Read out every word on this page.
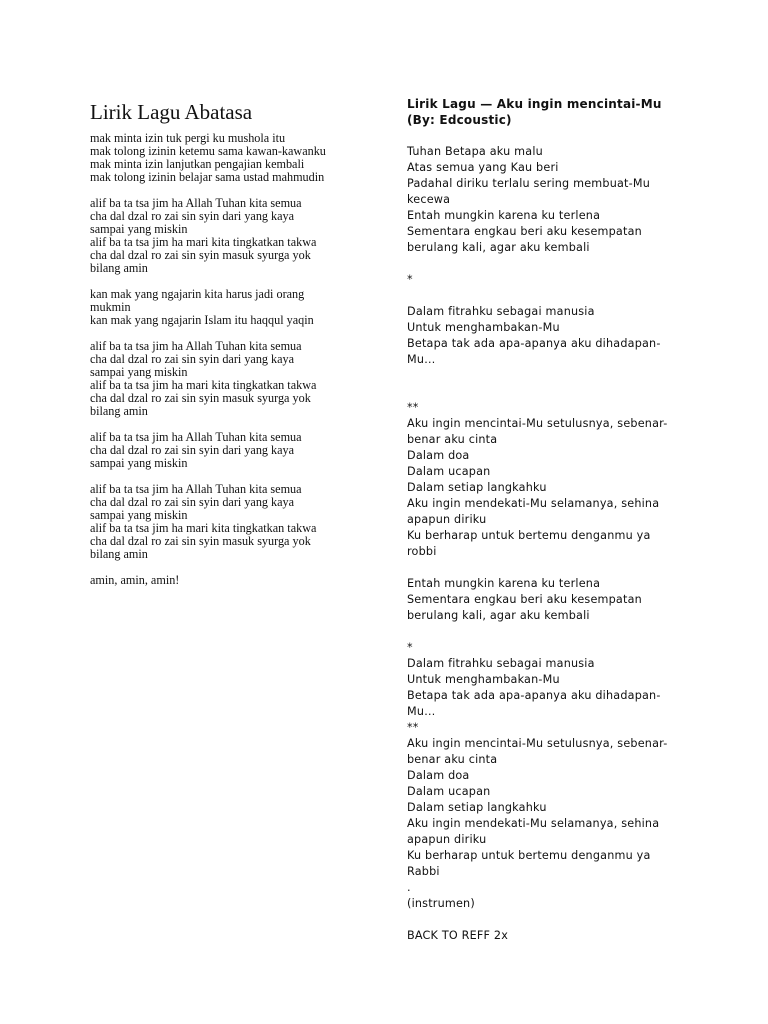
Lirik Lagu Abatasa
mak minta izin tuk pergi ku mushola itu
mak tolong izinin ketemu sama kawan-kawanku
mak minta izin lanjutkan pengajian kembali
mak tolong izinin belajar sama ustad mahmudin
alif ba ta tsa jim ha Allah Tuhan kita semua
cha dal dzal ro zai sin syin dari yang kaya
sampai yang miskin
alif ba ta tsa jim ha mari kita tingkatkan takwa
cha dal dzal ro zai sin syin masuk syurga yok
bilang amin
kan mak yang ngajarin kita harus jadi orang
mukmin
kan mak yang ngajarin Islam itu haqqul yaqin
alif ba ta tsa jim ha Allah Tuhan kita semua
cha dal dzal ro zai sin syin dari yang kaya
sampai yang miskin
alif ba ta tsa jim ha mari kita tingkatkan takwa
cha dal dzal ro zai sin syin masuk syurga yok
bilang amin
alif ba ta tsa jim ha Allah Tuhan kita semua
cha dal dzal ro zai sin syin dari yang kaya
sampai yang miskin
alif ba ta tsa jim ha Allah Tuhan kita semua
cha dal dzal ro zai sin syin dari yang kaya
sampai yang miskin
alif ba ta tsa jim ha mari kita tingkatkan takwa
cha dal dzal ro zai sin syin masuk syurga yok
bilang amin
amin, amin, amin!
Lirik Lagu — Aku ingin mencintai-Mu
(By: Edcoustic)
Tuhan Betapa aku malu
Atas semua yang Kau beri
Padahal diriku terlalu sering membuat-Mu
kecewa
Entah mungkin karena ku terlena
Sementara engkau beri aku kesempatan
berulang kali, agar aku kembali
*
Dalam fitrahku sebagai manusia
Untuk menghambakan-Mu
Betapa tak ada apa-apanya aku dihadapan-
Mu…
**
Aku ingin mencintai-Mu setulusnya, sebenar-
benar aku cinta
Dalam doa
Dalam ucapan
Dalam setiap langkahku
Aku ingin mendekati-Mu selamanya, sehina
apapun diriku
Ku berharap untuk bertemu denganmu ya
robbi
Entah mungkin karena ku terlena
Sementara engkau beri aku kesempatan
berulang kali, agar aku kembali
*
Dalam fitrahku sebagai manusia
Untuk menghambakan-Mu
Betapa tak ada apa-apanya aku dihadapan-
Mu…
**
Aku ingin mencintai-Mu setulusnya, sebenar-
benar aku cinta
Dalam doa
Dalam ucapan
Dalam setiap langkahku
Aku ingin mendekati-Mu selamanya, sehina
apapun diriku
Ku berharap untuk bertemu denganmu ya
Rabbi
.
(instrumen)
BACK TO REFF 2x
